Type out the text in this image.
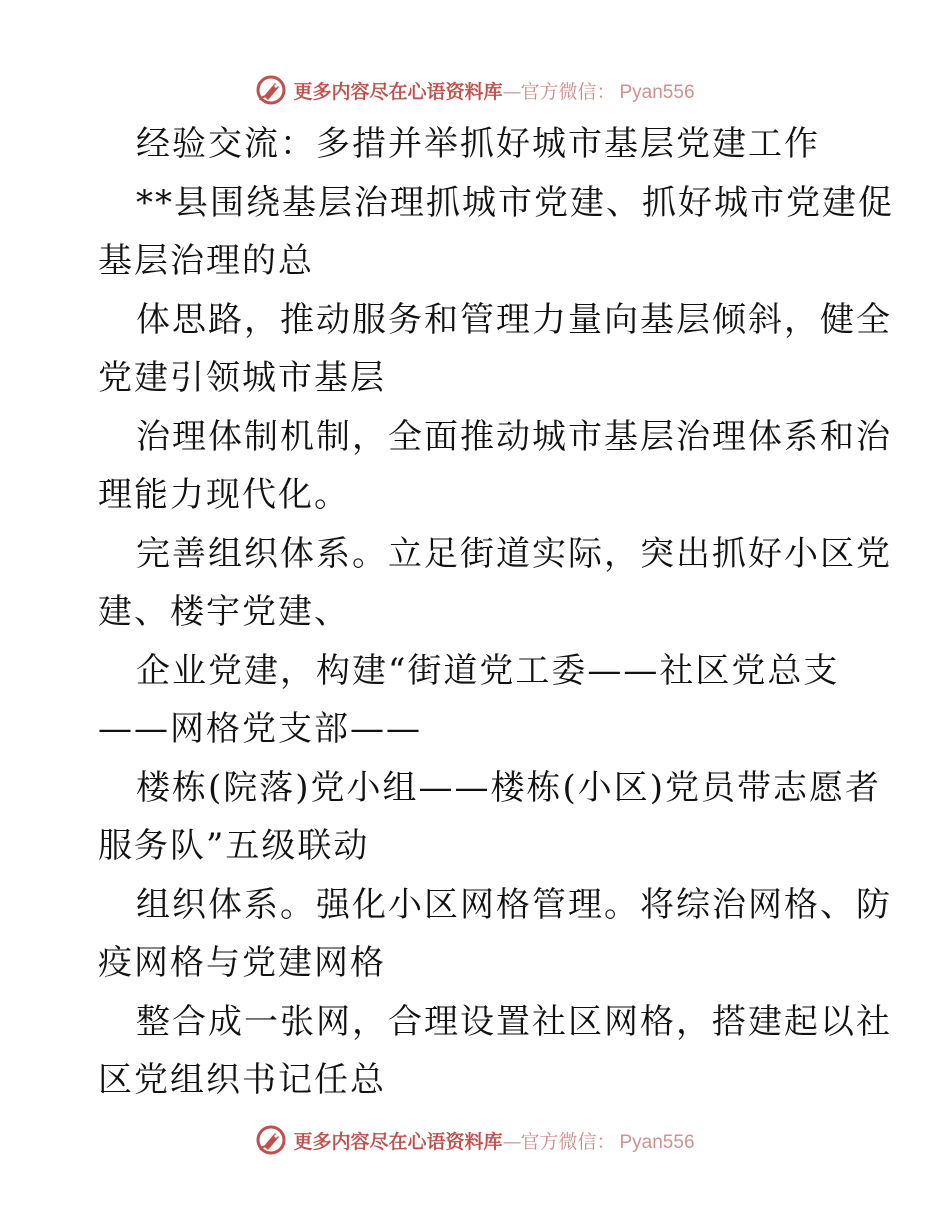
更多内容尽在心语资料库 — 官方微信： Pyan556
经验交流：多措并举抓好城市基层党建工作
**县围绕基层治理抓城市党建、抓好城市党建促
基层治理的总
体思路，推动服务和管理力量向基层倾斜，健全
党建引领城市基层
治理体制机制，全面推动城市基层治理体系和治
理能力现代化。
完善组织体系。立足街道实际，突出抓好小区党
建、楼宇党建、
企业党建，构建“街道党工委——社区党总支
——网格党支部——
楼栋(院落)党小组——楼栋(小区)党员带志愿者
服务队”五级联动
组织体系。强化小区网格管理。将综治网格、防
疫网格与党建网格
整合成一张网，合理设置社区网格，搭建起以社
区党组织书记任总
更多内容尽在心语资料库 — 官方微信： Pyan556
